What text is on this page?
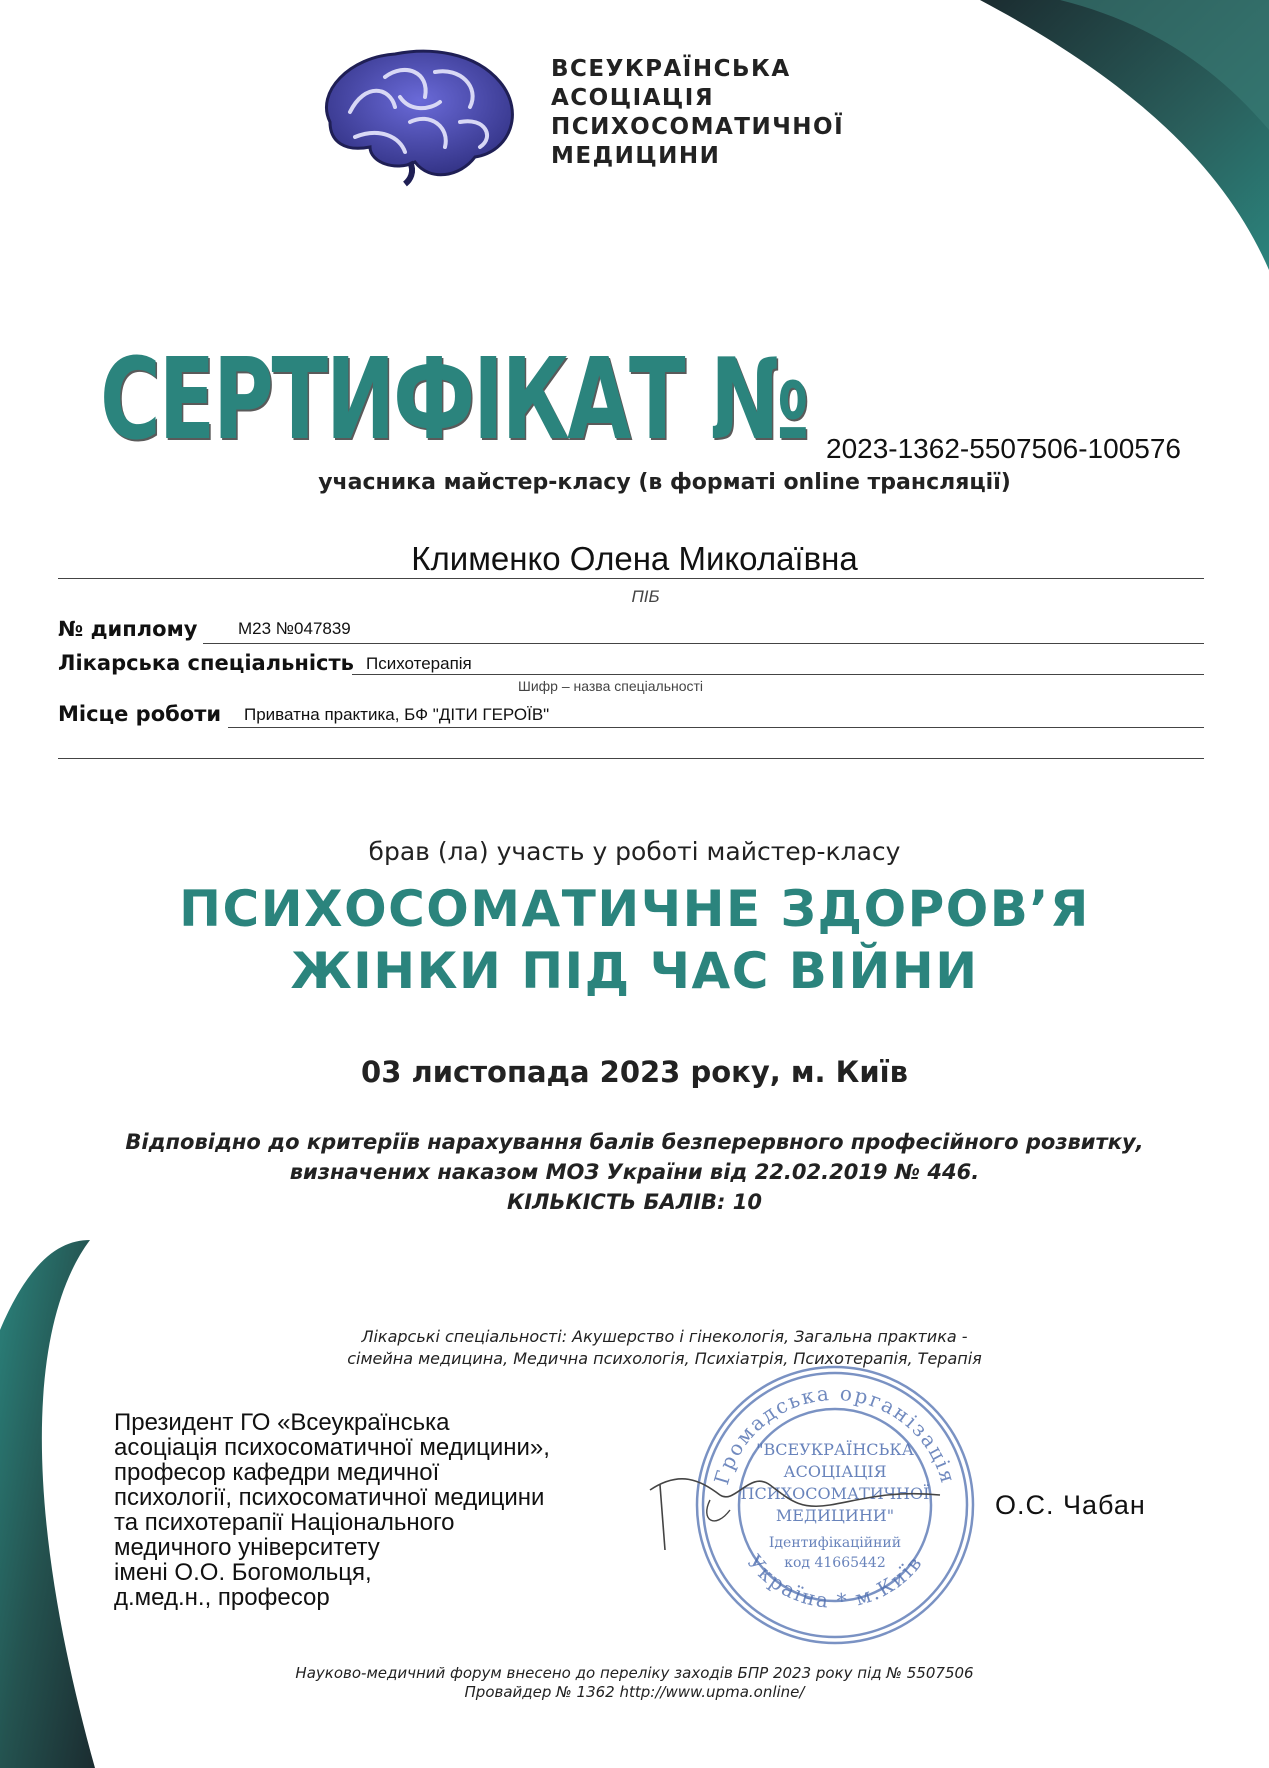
ВСЕУКРАЇНСЬКА
АСОЦІАЦІЯ
ПСИХОСОМАТИЧНОЇ
МЕДИЦИНИ
СЕРТИФІКАТ № 2023-1362-5507506-100576
учасника майстер-класу (в форматі online трансляції)
Клименко Олена Миколаївна
ПІБ
№ диплому М23 №047839
Лікарська спеціальність Психотерапія
Шифр – назва спеціальності
Місце роботи Приватна практика, БФ "ДІТИ ГЕРОЇВ"
брав (ла) участь у роботі майстер-класу
ПСИХОСОМАТИЧНЕ ЗДОРОВ’Я
ЖІНКИ ПІД ЧАС ВІЙНИ
03 листопада 2023 року, м. Київ
Відповідно до критеріїв нарахування балів безперервного професійного розвитку,
визначених наказом МОЗ України від 22.02.2019 № 446.
КІЛЬКІСТЬ БАЛІВ: 10
Лікарські спеціальності: Акушерство і гінекологія, Загальна практика -
сімейна медицина, Медична психологія, Психіатрія, Психотерапія, Терапія
Президент ГО «Всеукраїнська
асоціація психосоматичної медицини»,
професор кафедри медичної
психології, психосоматичної медицини
та психотерапії Національного
медичного університету
імені О.О. Богомольця,
д.мед.н., професор
Громадська організація
Україна * м.Київ
"ВСЕУКРАЇНСЬКА
АСОЦІАЦІЯ
ПСИХОСОМАТИЧНОЇ
МЕДИЦИНИ"
Ідентифікаційний
код 41665442
О.С. Чабан
Науково-медичний форум внесено до переліку заходів БПР 2023 року під № 5507506
Провайдер № 1362 http://www.upma.online/
